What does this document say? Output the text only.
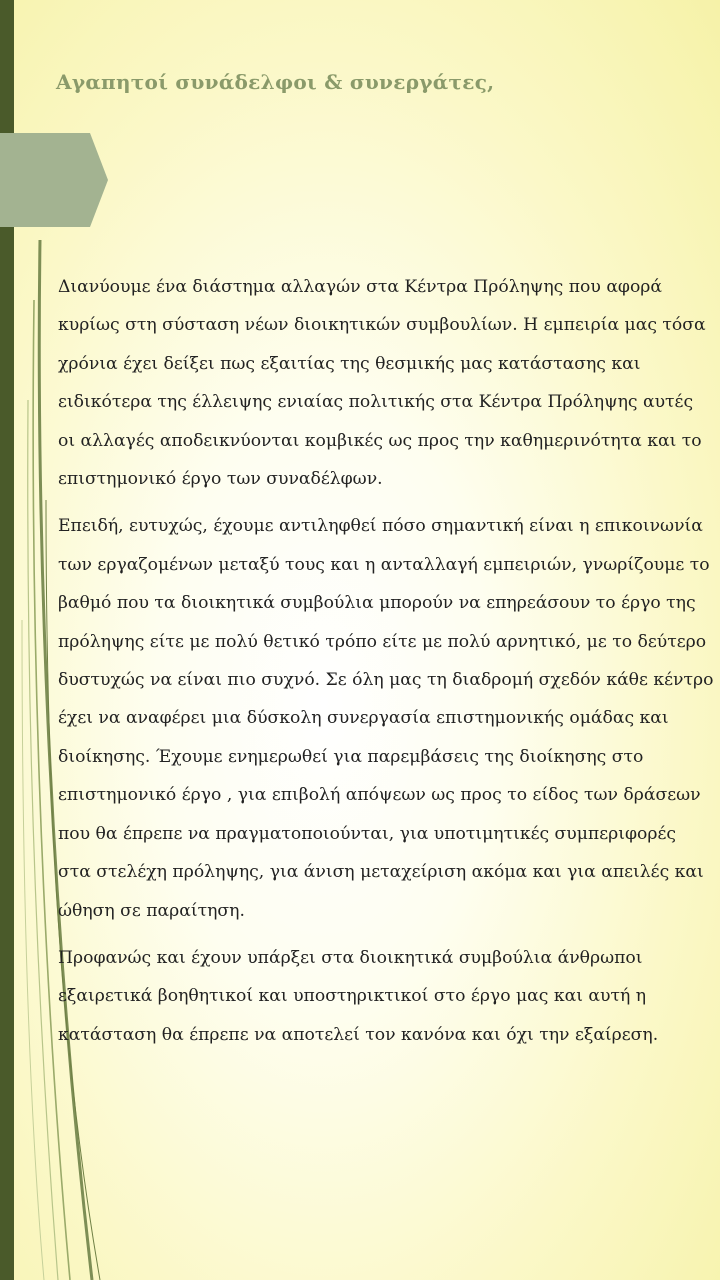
Αγαπητοί συνάδελφοι & συνεργάτες,

Διανύουμε ένα διάστημα αλλαγών στα Κέντρα Πρόληψης που αφορά κυρίως στη σύσταση νέων διοικητικών συμβουλίων. Η εμπειρία μας τόσα χρόνια έχει δείξει πως εξαιτίας της θεσμικής μας κατάστασης και ειδικότερα της έλλειψης ενιαίας πολιτικής στα Κέντρα Πρόληψης αυτές οι αλλαγές αποδεικνύονται κομβικές ως προς την καθημερινότητα και το επιστημονικό έργο των συναδέλφων.

Επειδή, ευτυχώς, έχουμε αντιληφθεί πόσο σημαντική είναι η επικοινωνία των εργαζομένων μεταξύ τους και η ανταλλαγή εμπειριών, γνωρίζουμε το βαθμό που τα διοικητικά συμβούλια μπορούν να επηρεάσουν το έργο της πρόληψης είτε με πολύ θετικό τρόπο είτε με πολύ αρνητικό, με το δεύτερο δυστυχώς να είναι πιο συχνό. Σε όλη μας τη διαδρομή σχεδόν κάθε κέντρο έχει να αναφέρει μια δύσκολη συνεργασία επιστημονικής ομάδας και διοίκησης. Έχουμε ενημερωθεί για παρεμβάσεις της διοίκησης στο επιστημονικό έργο , για επιβολή απόψεων ως προς το είδος των δράσεων που θα έπρεπε να πραγματοποιούνται, για υποτιμητικές συμπεριφορές στα στελέχη πρόληψης, για άνιση μεταχείριση ακόμα και για απειλές και ώθηση σε παραίτηση.

Προφανώς και έχουν υπάρξει στα διοικητικά συμβούλια άνθρωποι εξαιρετικά βοηθητικοί και υποστηρικτικοί στο έργο μας και αυτή η κατάσταση θα έπρεπε να αποτελεί τον κανόνα και όχι την εξαίρεση.
